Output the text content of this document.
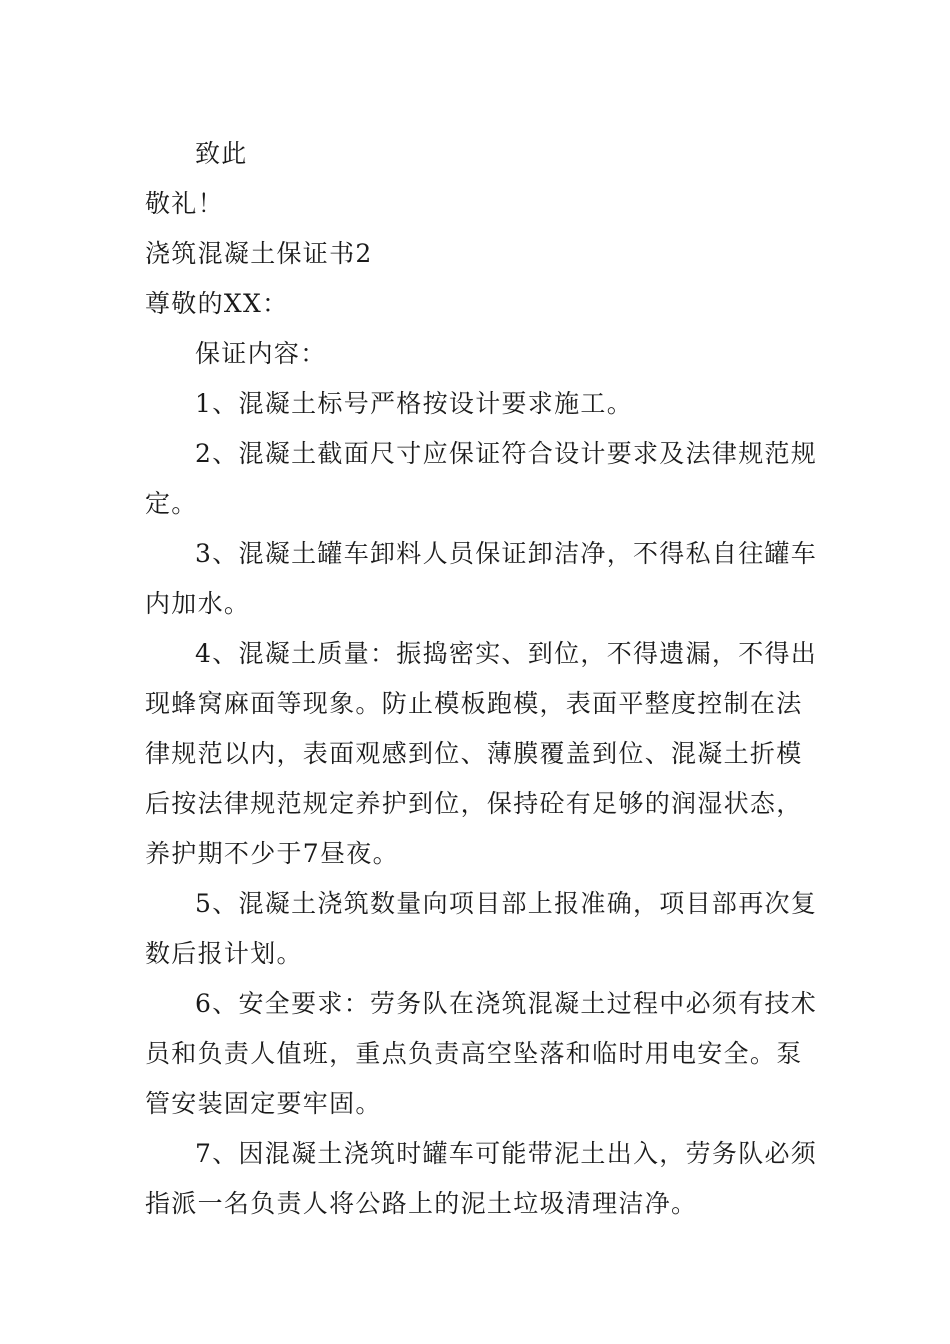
致此
敬礼！
浇筑混凝土保证书2
尊敬的XX：
保证内容：
1、混凝土标号严格按设计要求施工。
2、混凝土截面尺寸应保证符合设计要求及法律规范规
定。
3、混凝土罐车卸料人员保证卸洁净，不得私自往罐车
内加水。
4、混凝土质量：振捣密实、到位，不得遗漏，不得出
现蜂窝麻面等现象。防止模板跑模，表面平整度控制在法
律规范以内，表面观感到位、薄膜覆盖到位、混凝土折模
后按法律规范规定养护到位，保持砼有足够的润湿状态，
养护期不少于7昼夜。
5、混凝土浇筑数量向项目部上报准确，项目部再次复
数后报计划。
6、安全要求：劳务队在浇筑混凝土过程中必须有技术
员和负责人值班，重点负责高空坠落和临时用电安全。泵
管安装固定要牢固。
7、因混凝土浇筑时罐车可能带泥土出入，劳务队必须
指派一名负责人将公路上的泥土垃圾清理洁净。
